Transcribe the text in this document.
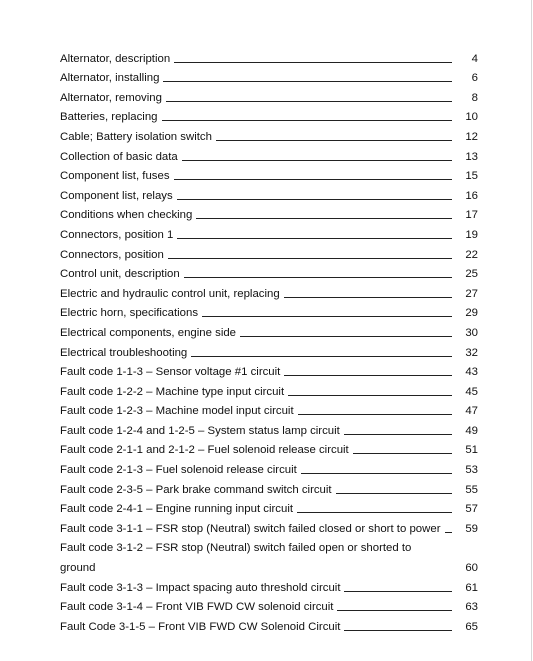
Alternator, description	4
Alternator, installing	6
Alternator, removing	8
Batteries, replacing	10
Cable; Battery isolation switch	12
Collection of basic data	13
Component list, fuses	15
Component list, relays	16
Conditions when checking	17
Connectors, position 1	19
Connectors, position	22
Control unit, description	25
Electric and hydraulic control unit, replacing	27
Electric horn, specifications	29
Electrical components, engine side	30
Electrical troubleshooting	32
Fault code 1-1-3 – Sensor voltage #1 circuit	43
Fault code 1-2-2 – Machine type input circuit	45
Fault code 1-2-3 – Machine model input circuit	47
Fault code 1-2-4 and 1-2-5 – System status lamp circuit	49
Fault code 2-1-1 and 2-1-2 – Fuel solenoid release circuit	51
Fault code 2-1-3 – Fuel solenoid release circuit	53
Fault code 2-3-5 – Park brake command switch circuit	55
Fault code 2-4-1 – Engine running input circuit	57
Fault code 3-1-1 – FSR stop (Neutral) switch failed closed or short to power	59
Fault code 3-1-2 – FSR stop (Neutral) switch failed open or shorted to
ground	60
Fault code 3-1-3 – Impact spacing auto threshold circuit	61
Fault code 3-1-4 – Front VIB FWD CW solenoid circuit	63
Fault Code 3-1-5 – Front VIB FWD CW Solenoid Circuit	65
